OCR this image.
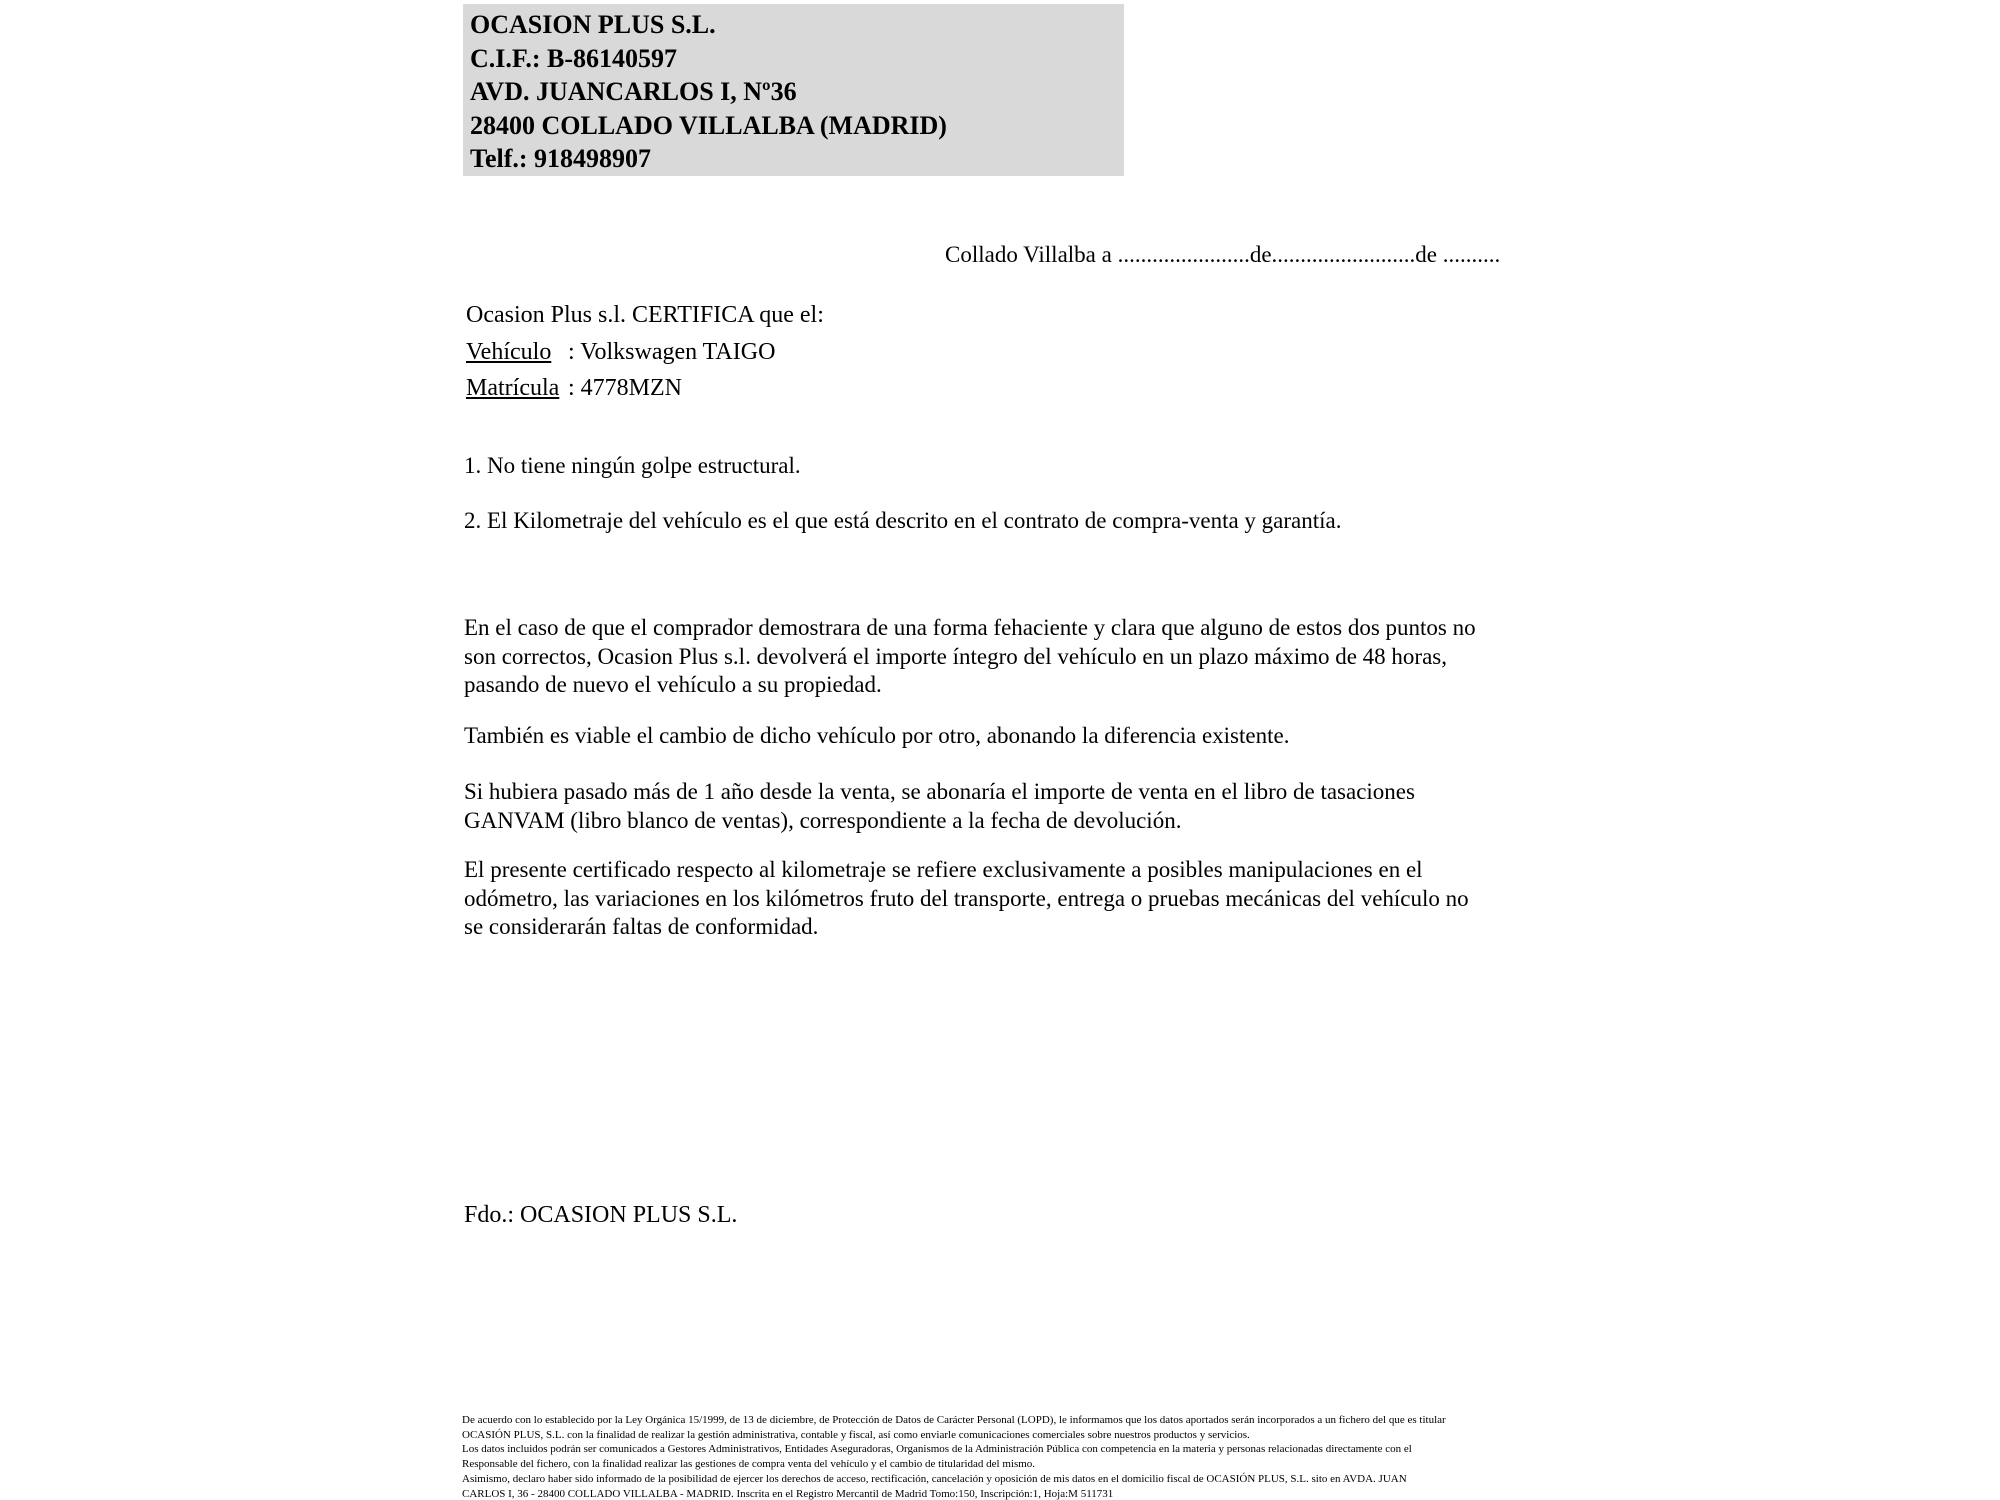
OCASION PLUS S.L.
C.I.F.: B-86140597
AVD. JUANCARLOS I, Nº36
28400 COLLADO VILLALBA (MADRID)
Telf.: 918498907
Collado Villalba a .......................de.........................de ..........
Ocasion Plus s.l. CERTIFICA que el:
Vehículo : Volkswagen TAIGO
Matrícula : 4778MZN
1. No tiene ningún golpe estructural.
2. El Kilometraje del vehículo es el que está descrito en el contrato de compra-venta y garantía.
En el caso de que el comprador demostrara de una forma fehaciente y clara que alguno de estos dos puntos no
son correctos, Ocasion Plus s.l. devolverá el importe íntegro del vehículo en un plazo máximo de 48 horas,
pasando de nuevo el vehículo a su propiedad.
También es viable el cambio de dicho vehículo por otro, abonando la diferencia existente.
Si hubiera pasado más de 1 año desde la venta, se abonaría el importe de venta en el libro de tasaciones
GANVAM (libro blanco de ventas), correspondiente a la fecha de devolución.
El presente certificado respecto al kilometraje se refiere exclusivamente a posibles manipulaciones en el
odómetro, las variaciones en los kilómetros fruto del transporte, entrega o pruebas mecánicas del vehículo no
se considerarán faltas de conformidad.
Fdo.: OCASION PLUS S.L.
De acuerdo con lo establecido por la Ley Orgánica 15/1999, de 13 de diciembre, de Protección de Datos de Carácter Personal (LOPD), le informamos que los datos aportados serán incorporados a un fichero del que es titular
OCASIÓN PLUS, S.L. con la finalidad de realizar la gestión administrativa, contable y fiscal, así como enviarle comunicaciones comerciales sobre nuestros productos y servicios.
Los datos incluidos podrán ser comunicados a Gestores Administrativos, Entidades Aseguradoras, Organismos de la Administración Pública con competencia en la materia y personas relacionadas directamente con el
Responsable del fichero, con la finalidad realizar las gestiones de compra venta del vehículo y el cambio de titularidad del mismo.
Asimismo, declaro haber sido informado de la posibilidad de ejercer los derechos de acceso, rectificación, cancelación y oposición de mis datos en el domicilio fiscal de OCASIÓN PLUS, S.L. sito en AVDA. JUAN
CARLOS I, 36 - 28400 COLLADO VILLALBA - MADRID. Inscrita en el Registro Mercantil de Madrid Tomo:150, Inscripción:1, Hoja:M 511731
